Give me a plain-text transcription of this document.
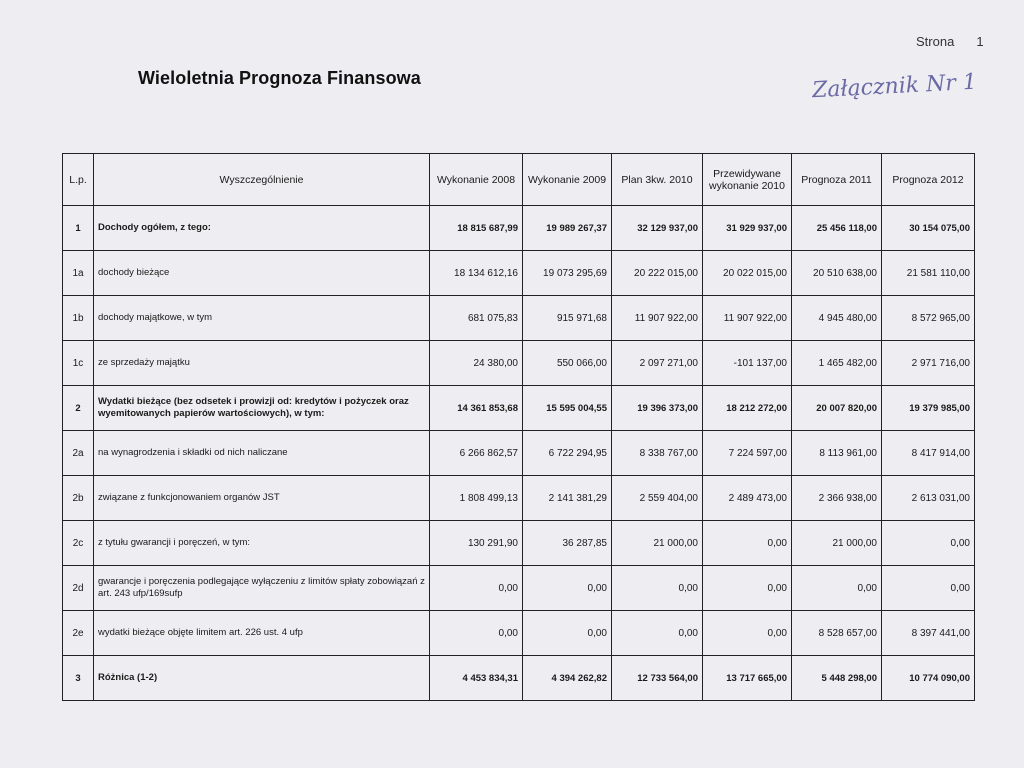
Strona 1
Wieloletnia Prognoza Finansowa	Załącznik Nr 1
L.p.	Wyszczególnienie	Wykonanie 2008	Wykonanie 2009	Plan 3kw. 2010	Przewidywane wykonanie 2010	Prognoza 2011	Prognoza 2012
1	Dochody ogółem, z tego:	18 815 687,99	19 989 267,37	32 129 937,00	31 929 937,00	25 456 118,00	30 154 075,00
1a	dochody bieżące	18 134 612,16	19 073 295,69	20 222 015,00	20 022 015,00	20 510 638,00	21 581 110,00
1b	dochody majątkowe, w tym	681 075,83	915 971,68	11 907 922,00	11 907 922,00	4 945 480,00	8 572 965,00
1c	ze sprzedaży majątku	24 380,00	550 066,00	2 097 271,00	-101 137,00	1 465 482,00	2 971 716,00
2	Wydatki bieżące (bez odsetek i prowizji od: kredytów i pożyczek oraz wyemitowanych papierów wartościowych), w tym:	14 361 853,68	15 595 004,55	19 396 373,00	18 212 272,00	20 007 820,00	19 379 985,00
2a	na wynagrodzenia i składki od nich naliczane	6 266 862,57	6 722 294,95	8 338 767,00	7 224 597,00	8 113 961,00	8 417 914,00
2b	związane z funkcjonowaniem organów JST	1 808 499,13	2 141 381,29	2 559 404,00	2 489 473,00	2 366 938,00	2 613 031,00
2c	z tytułu gwarancji i poręczeń, w tym:	130 291,90	36 287,85	21 000,00	0,00	21 000,00	0,00
2d	gwarancje i poręczenia podlegające wyłączeniu z limitów spłaty zobowiązań z art. 243 ufp/169sufp	0,00	0,00	0,00	0,00	0,00	0,00
2e	wydatki bieżące objęte limitem art. 226 ust. 4 ufp	0,00	0,00	0,00	0,00	8 528 657,00	8 397 441,00
3	Różnica (1-2)	4 453 834,31	4 394 262,82	12 733 564,00	13 717 665,00	5 448 298,00	10 774 090,00
